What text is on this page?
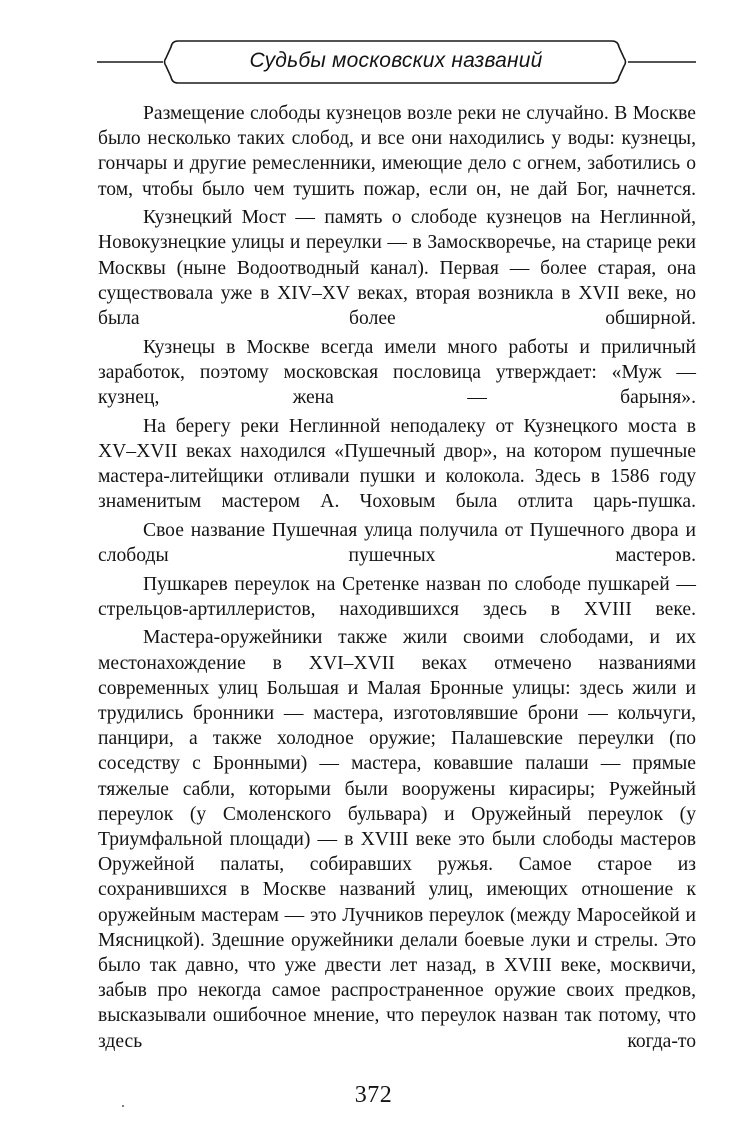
Судьбы московских названий

Размещение слободы кузнецов возле реки не случайно. В Москве было несколько таких слобод, и все они находились у воды: кузнецы, гончары и другие ремесленники, имеющие дело с огнем, заботились о том, чтобы было чем тушить пожар, если он, не дай Бог, начнется.

Кузнецкий Мост — память о слободе кузнецов на Неглинной, Новокузнецкие улицы и переулки — в Замоскворечье, на старице реки Москвы (ныне Водоотводный канал). Первая — более старая, она существовала уже в XIV–XV веках, вторая возникла в XVII веке, но была более обширной.

Кузнецы в Москве всегда имели много работы и приличный заработок, поэтому московская пословица утверждает: «Муж — кузнец, жена — барыня».

На берегу реки Неглинной неподалеку от Кузнецкого моста в XV–XVII веках находился «Пушечный двор», на котором пушечные мастера-литейщики отливали пушки и колокола. Здесь в 1586 году знаменитым мастером А. Чоховым была отлита царь-пушка.

Свое название Пушечная улица получила от Пушечного двора и слободы пушечных мастеров.

Пушкарев переулок на Сретенке назван по слободе пушкарей — стрельцов-артиллеристов, находившихся здесь в XVIII веке.

Мастера-оружейники также жили своими слободами, и их местонахождение в XVI–XVII веках отмечено названиями современных улиц Большая и Малая Бронные улицы: здесь жили и трудились бронники — мастера, изготовлявшие брони — кольчуги, панцири, а также холодное оружие; Палашевские переулки (по соседству с Бронными) — мастера, ковавшие палаши — прямые тяжелые сабли, которыми были вооружены кирасиры; Ружейный переулок (у Смоленского бульвара) и Оружейный переулок (у Триумфальной площади) — в XVIII веке это были слободы мастеров Оружейной палаты, собиравших ружья. Самое старое из сохранившихся в Москве названий улиц, имеющих отношение к оружейным мастерам — это Лучников переулок (между Маросейкой и Мясницкой). Здешние оружейники делали боевые луки и стрелы. Это было так давно, что уже двести лет назад, в XVIII веке, москвичи, забыв про некогда самое распространенное оружие своих предков, высказывали ошибочное мнение, что переулок назван так потому, что здесь когда-то

372
